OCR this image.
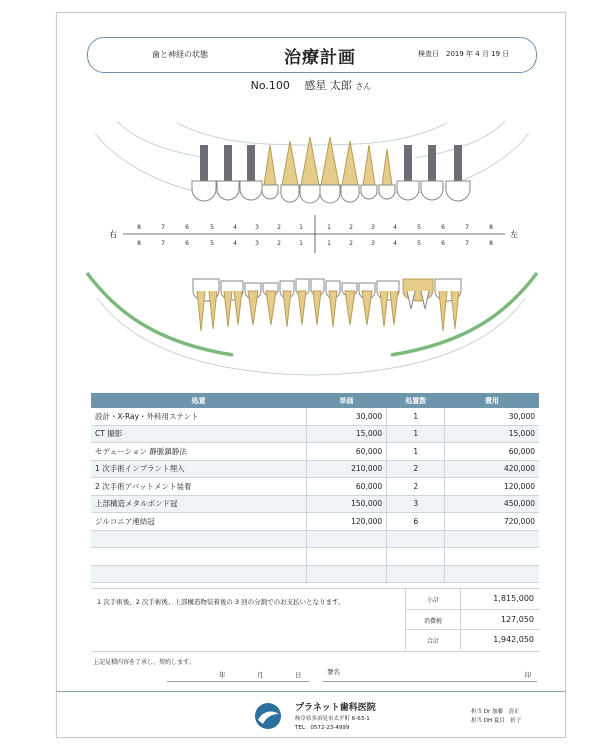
歯と神経の状態	治療計画	検査日　 2019 年 4 月 19 日
No.100　 感星 太郎 さん
右	左
8	7	6	5	4	3	2	1	1	2	3	4	5	6	7	8
8	7	6	5	4	3	2	1	1	2	3	4	5	6	7	8
処置	単価	処置数	費用
設計・X-Ray・外科用ステント	30,000	1	30,000
CT 撮影	15,000	1	15,000
セデェーション 静脈鎮静法	60,000	1	60,000
1 次手術インプラント埋入	210,000	2	420,000
2 次手術アバットメント装着	60,000	2	120,000
上部構造メタルボンド冠	150,000	3	450,000
ジルコニア連結冠	120,000	6	720,000

1 次手術後、2 次手術後、上部構造物装着後の 3 回の分割でのお支払いとなります。	小計	1,815,000
消費税	127,050
合計	1,942,050
上記見積内容を了承し、契約します。
年	月	日	署名	印
プラネット歯科医院
岐阜県多治見市太平町 6-63-1
TEL：0572-23-4999
担当 Dr 加藤　清正
担当 DH 夏目　折子
